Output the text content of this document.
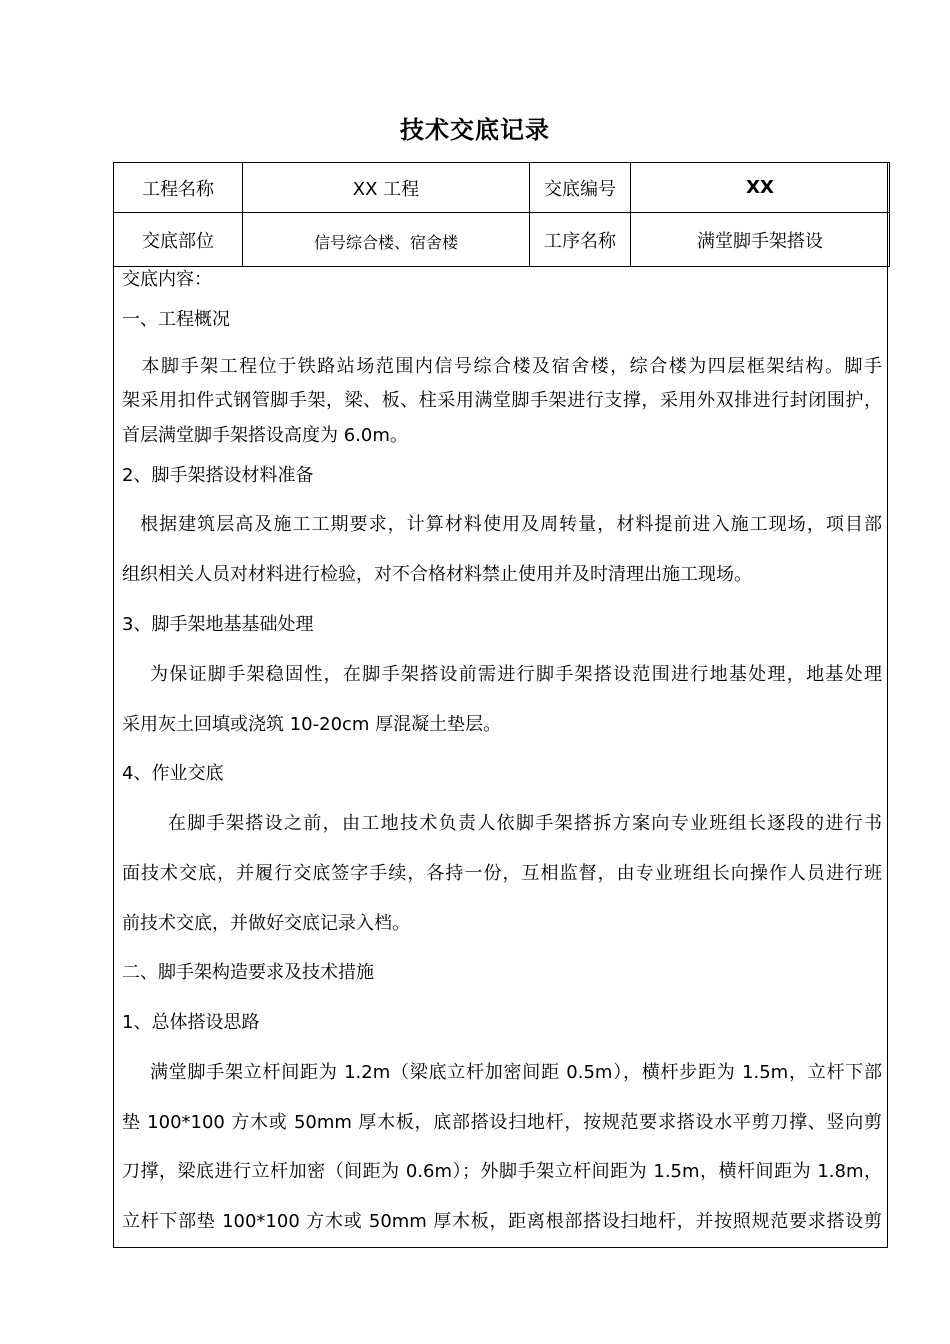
技术交底记录
工程名称	XX 工程	交底编号	XX
交底部位	信号综合楼、宿舍楼	工序名称	满堂脚手架搭设
交底内容：
一、工程概况
　本脚手架工程位于铁路站场范围内信号综合楼及宿舍楼，综合楼为四层框架结构。脚手
架采用扣件式钢管脚手架，梁、板、柱采用满堂脚手架进行支撑，采用外双排进行封闭围护，
首层满堂脚手架搭设高度为 6.0m。
2、脚手架搭设材料准备
根据建筑层高及施工工期要求，计算材料使用及周转量，材料提前进入施工现场，项目部
组织相关人员对材料进行检验，对不合格材料禁止使用并及时清理出施工现场。
3、脚手架地基基础处理
为保证脚手架稳固性，在脚手架搭设前需进行脚手架搭设范围进行地基处理，地基处理
采用灰土回填或浇筑 10-20cm 厚混凝土垫层。
4、作业交底
在脚手架搭设之前，由工地技术负责人依脚手架搭拆方案向专业班组长逐段的进行书
面技术交底，并履行交底签字手续，各持一份，互相监督，由专业班组长向操作人员进行班
前技术交底，并做好交底记录入档。
二、脚手架构造要求及技术措施
1、总体搭设思路
满堂脚手架立杆间距为 1.2m（梁底立杆加密间距 0.5m），横杆步距为 1.5m，立杆下部
垫 100*100 方木或 50mm 厚木板，底部搭设扫地杆，按规范要求搭设水平剪刀撑、竖向剪
刀撑，梁底进行立杆加密（间距为 0.6m）；外脚手架立杆间距为 1.5m，横杆间距为 1.8m，
立杆下部垫 100*100 方木或 50mm 厚木板，距离根部搭设扫地杆，并按照规范要求搭设剪
